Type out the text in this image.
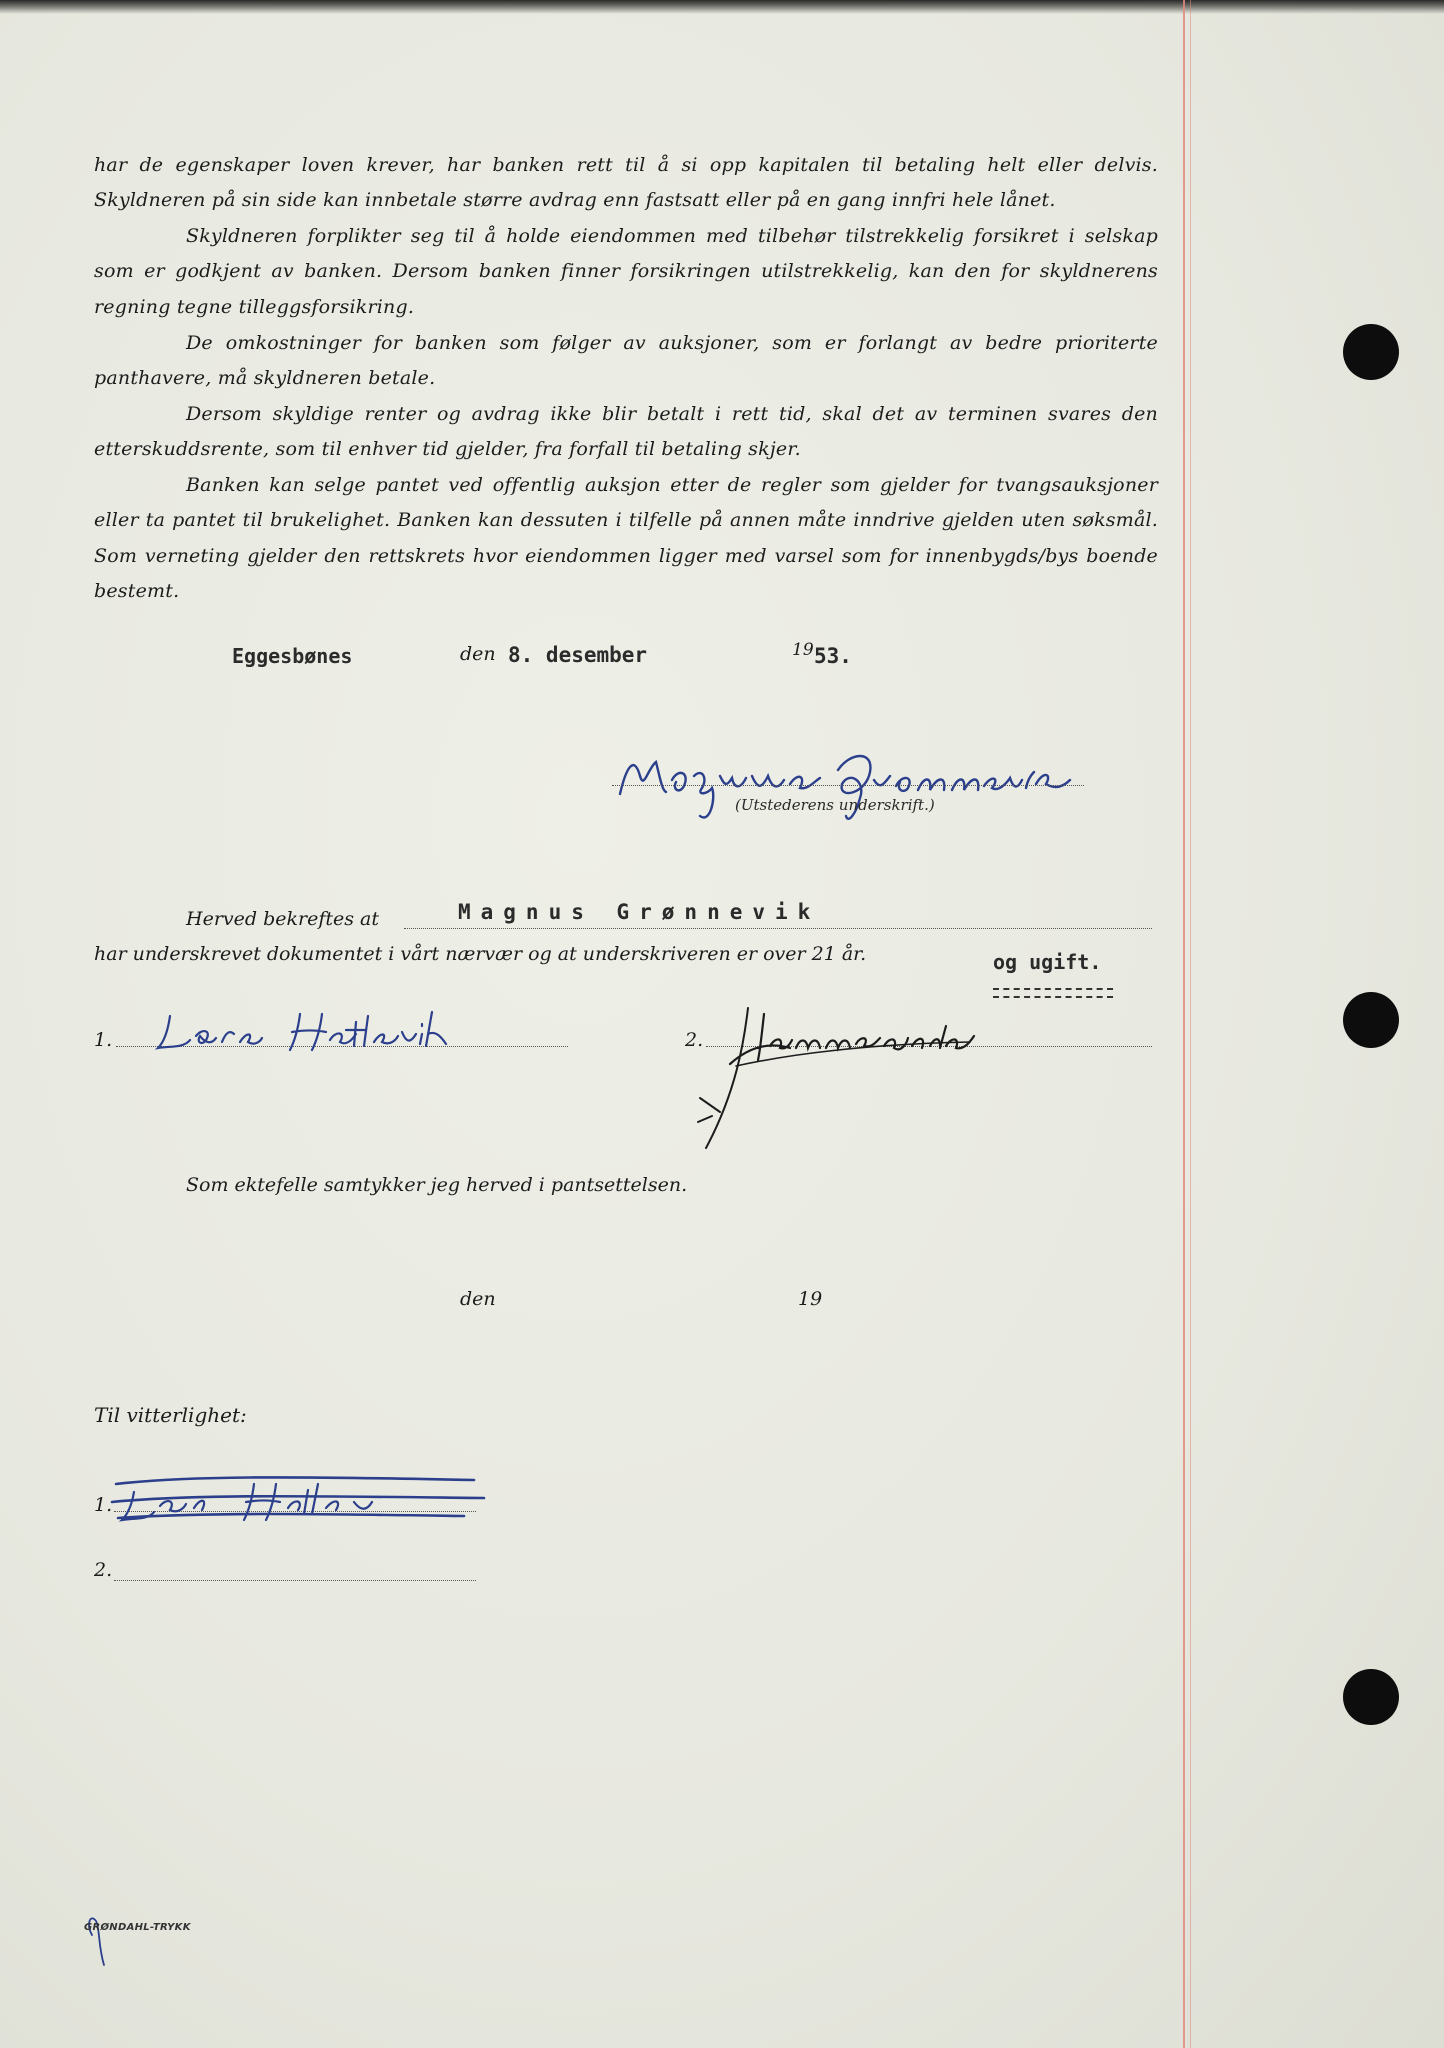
har de egenskaper loven krever, har banken rett til å si opp kapitalen til betaling helt eller delvis. Skyldneren på sin side kan innbetale større avdrag enn fastsatt eller på en gang innfri hele lånet.
Skyldneren forplikter seg til å holde eiendommen med tilbehør tilstrekkelig forsikret i selskap som er godkjent av banken. Dersom banken finner forsikringen utilstrekkelig, kan den for skyldnerens regning tegne tilleggsforsikring.
De omkostninger for banken som følger av auksjoner, som er forlangt av bedre prioriterte panthavere, må skyldneren betale.
Dersom skyldige renter og avdrag ikke blir betalt i rett tid, skal det av terminen svares den etterskuddsrente, som til enhver tid gjelder, fra forfall til betaling skjer.
Banken kan selge pantet ved offentlig auksjon etter de regler som gjelder for tvangsauksjoner eller ta pantet til brukelighet. Banken kan dessuten i tilfelle på annen måte inndrive gjelden uten søksmål. Som verneting gjelder den rettskrets hvor eiendommen ligger med varsel som for innenbygds/bys boende bestemt.
Eggesbønes	den 8. desember	19 53.
Magnus Grønnevik
(Utstederens underskrift.)
Herved bekreftes at	Magnus Grønnevik
har underskrevet dokumentet i vårt nærvær og at underskriveren er over 21 år.	og ugift.
1.
Lars Hatlevik
2.
Som ektefelle samtykker jeg herved i pantsettelsen.
den	19
Til vitterlighet:
1.
2.
GRØNDAHL-TRYKK
